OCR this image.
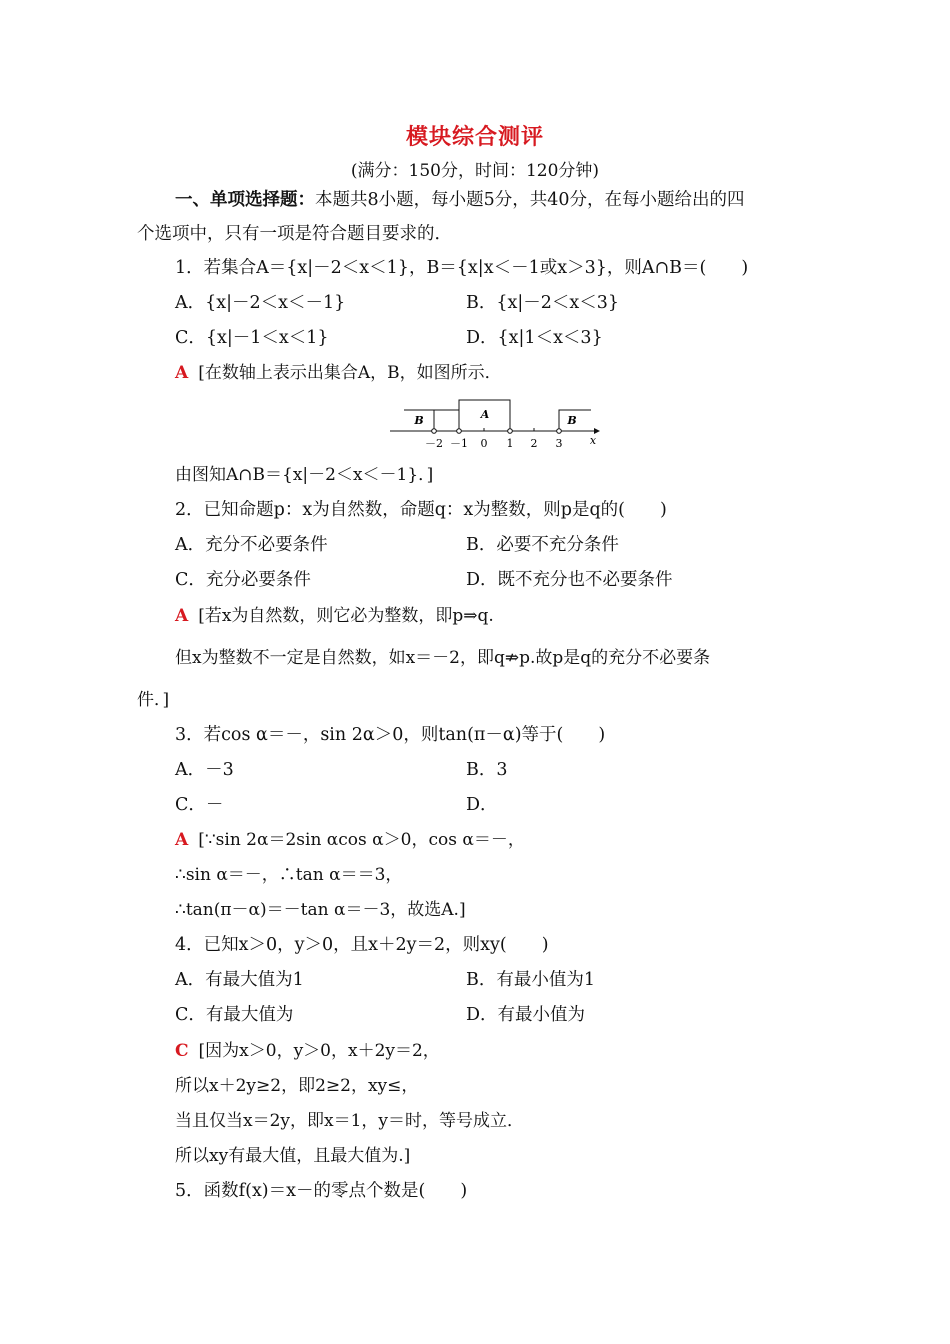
模块综合测评
(满分：150分，时间：120分钟)
一、单项选择题：本题共8小题，每小题5分，共40分，在每小题给出的四
个选项中，只有一项是符合题目要求的．
1．若集合A＝{x|－2＜x＜1}，B＝{x|x＜－1或x＞3}，则A∩B＝(　　)
A．{x|－2＜x＜－1}	B．{x|－2＜x＜3}
C．{x|－1＜x＜1}	D．{x|1＜x＜3}
A [在数轴上表示出集合A，B，如图所示．
B	A	B
－2 －1 0 1 2 3 x
由图知A∩B＝{x|－2＜x＜－1}．]
2．已知命题p：x为自然数，命题q：x为整数，则p是q的(　　)
A．充分不必要条件	B．必要不充分条件
C．充分必要条件	D．既不充分也不必要条件
A [若x为自然数，则它必为整数，即p⇒q.
但x为整数不一定是自然数，如x＝－2，即q⇏p.故p是q的充分不必要条
件．]
3．若cos α＝－，sin 2α＞0，则tan(π－α)等于(　　)
A．－3	B．3
C．－	D．
A [∵sin 2α＝2sin αcos α＞0，cos α＝－，
∴sin α＝－，∴tan α＝＝3，
∴tan(π－α)＝－tan α＝－3，故选A.]
4．已知x＞0，y＞0，且x＋2y＝2，则xy(　　)
A．有最大值为1	B．有最小值为1
C．有最大值为	D．有最小值为
C [因为x＞0，y＞0，x＋2y＝2，
所以x＋2y≥2，即2≥2，xy≤，
当且仅当x＝2y，即x＝1，y＝时，等号成立．
所以xy有最大值，且最大值为.]
5．函数f(x)＝x－的零点个数是(　　)
